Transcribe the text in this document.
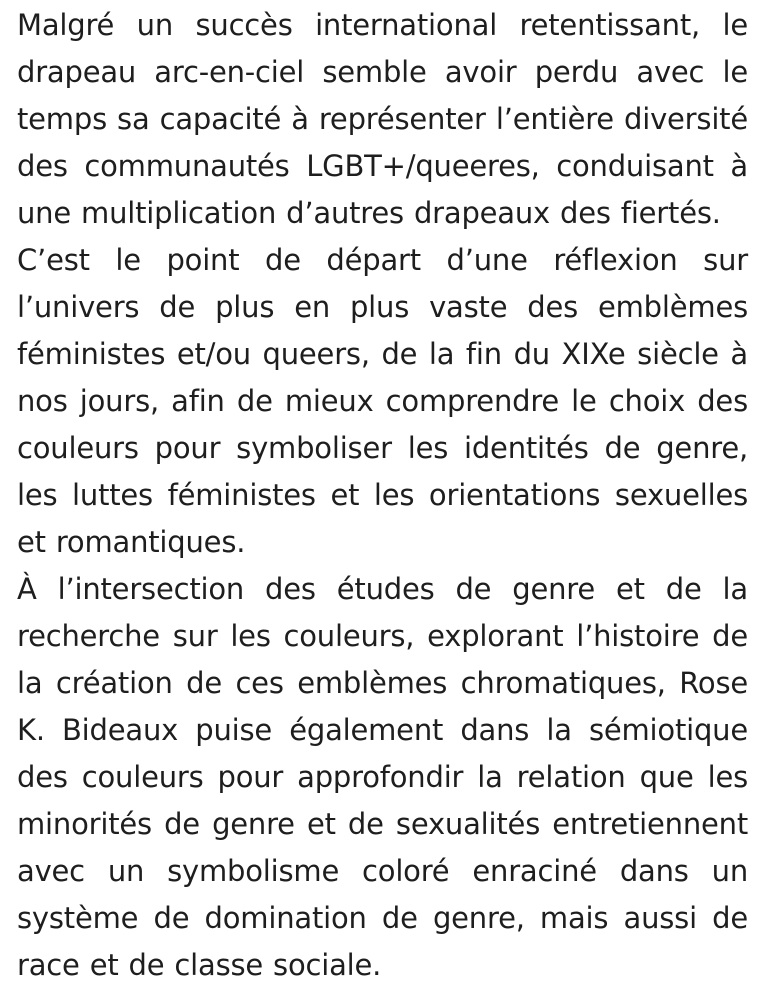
Malgré un succès international retentissant, le drapeau arc-en-ciel semble avoir perdu avec le temps sa capacité à représenter l’entière diversité des communautés LGBT+/queeres, conduisant à une multiplication d’autres drapeaux des fiertés.

C’est le point de départ d’une réflexion sur l’univers de plus en plus vaste des emblèmes féministes et/ou queers, de la fin du XIXe siècle à nos jours, afin de mieux comprendre le choix des couleurs pour symboliser les identités de genre, les luttes féministes et les orientations sexuelles et romantiques.

À l’intersection des études de genre et de la recherche sur les couleurs, explorant l’histoire de la création de ces emblèmes chromatiques, Rose K. Bideaux puise également dans la sémiotique des couleurs pour approfondir la relation que les minorités de genre et de sexualités entretiennent avec un symbolisme coloré enraciné dans un système de domination de genre, mais aussi de race et de classe sociale.
